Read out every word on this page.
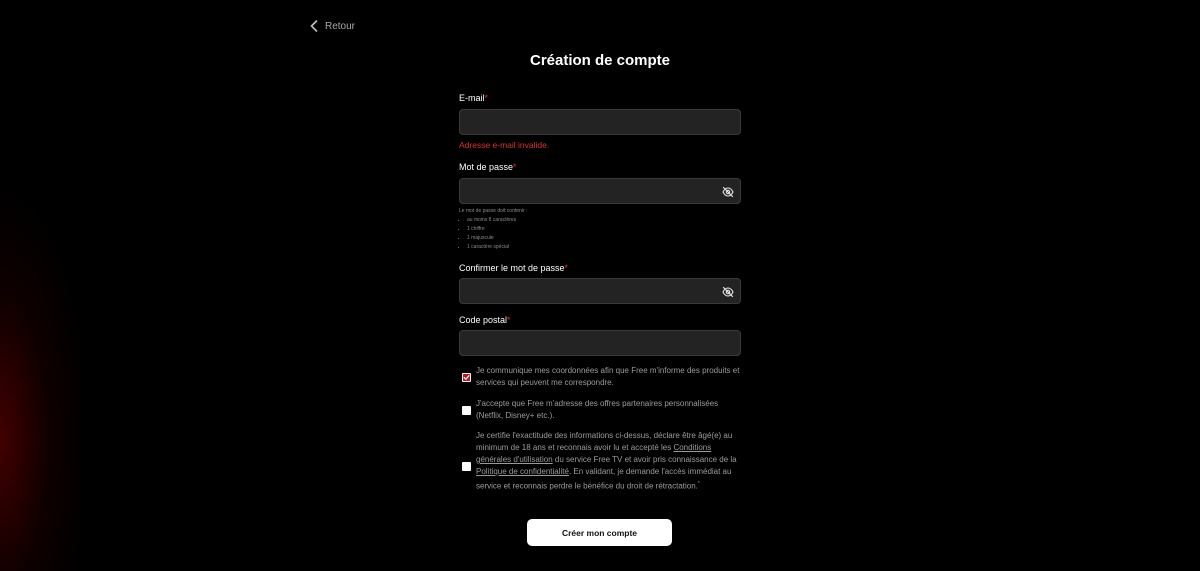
Retour
Création de compte
E-mail*
Adresse e-mail invalide.
Mot de passe*
Confirmer le mot de passe*
Code postal*
Le mot de passe doit contenir :
• au moins 8 caractères
• 1 chiffre
• 1 majuscule
• 1 caractère spécial
Je communique mes coordonnées afin que Free m'informe des produits et services qui peuvent me correspondre.
J'accepte que Free m'adresse des offres partenaires personnalisées (Netflix, Disney+ etc.).
Je certifie l'exactitude des informations ci-dessus, déclare être âgé(e) au minimum de 18 ans et reconnais avoir lu et accepté les Conditions générales d'utilisation du service Free TV et avoir pris connaissance de la Politique de confidentialité. En validant, je demande l'accès immédiat au service et reconnais perdre le bénéfice du droit de rétractation.*
Créer mon compte
